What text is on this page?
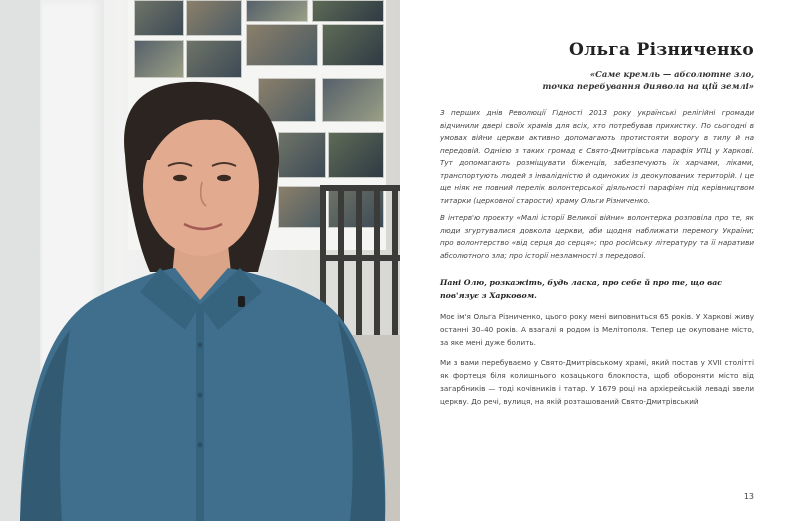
Ольга Різниченко
«Саме кремль — абсолютне зло,
точка перебування диявола на цій землі»

З перших днів Революції Гідності 2013 року українські релігійні громади відчинили двері своїх храмів для всіх, хто потребував прихистку. По сьогодні в умовах війни церкви активно допомагають протистояти ворогу в тилу й на передовій. Однією з таких громад є Свято-Дмитрівська парафія УПЦ у Харкові. Тут допомагають розміщувати біженців, забезпечують їх харчами, ліками, транспортують людей з інвалідністю й одиноких із деокупованих територій. І це ще ніяк не повний перелік волонтерської діяльності парафіян під керівництвом титарки (церковної старости) храму Ольги Різниченко.

В інтерв'ю проєкту «Малі історії Великої війни» волонтерка розповіла про те, як люди згуртувалися довкола церкви, аби щодня наближати перемогу України; про волонтерство «від серця до серця»; про російську літературу та її наративи абсолютного зла; про історії незламності з передової.

Пані Олю, розкажіть, будь ласка, про себе й про те, що вас пов'язує з Харковом.

Моє ім'я Ольга Різниченко, цього року мені виповниться 65 років. У Харкові живу останні 30–40 років. А взагалі я родом із Мелітополя. Тепер це окуповане місто, за яке мені дуже болить.

Ми з вами перебуваємо у Свято-Дмитрівському храмі, який постав у XVII столітті як фортеця біля колишнього козацького блокпоста, щоб обороняти місто від загарбників — тоді кочівників і татар. У 1679 році на архієрейській леваді звели церкву. До речі, вулиця, на якій розташований Свято-Дмитрівський

13
